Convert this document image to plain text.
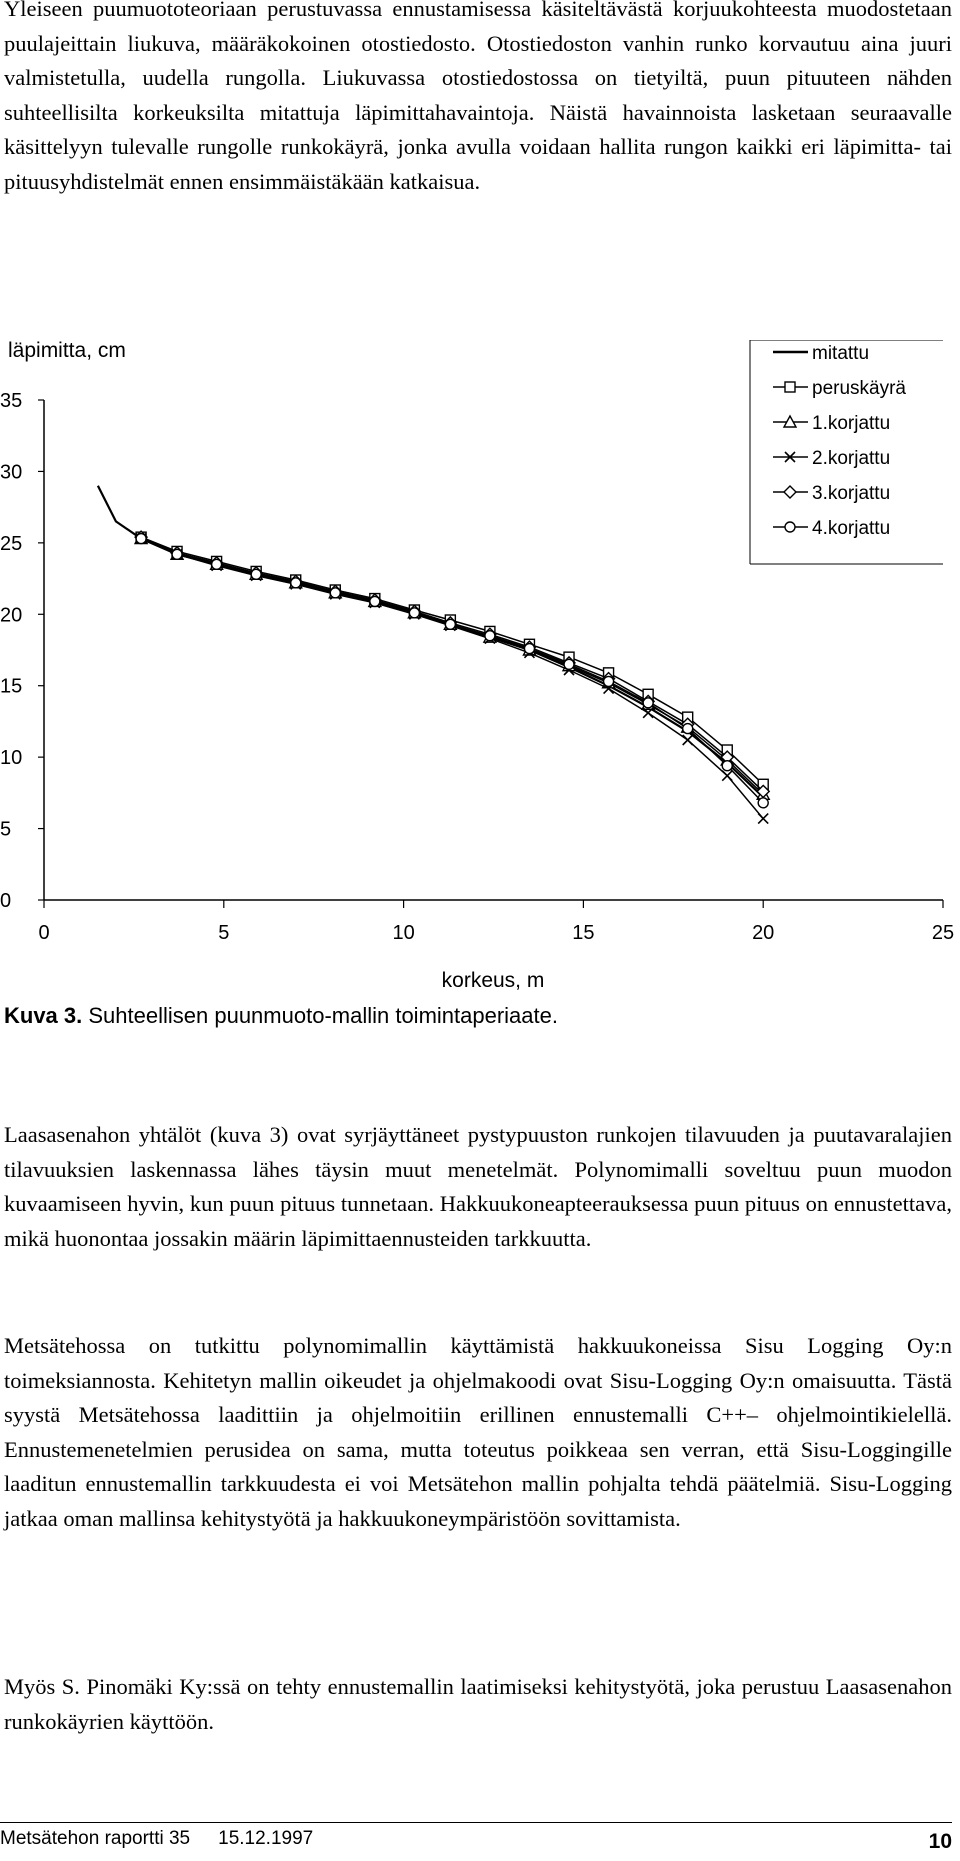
Yleiseen puumuototeoriaan perustuvassa ennustamisessa käsiteltävästä korjuukohteesta muodostetaan puulajeittain liukuva, määräkokoinen otostiedosto. Otostiedoston vanhin runko korvautuu aina juuri valmistetulla, uudella rungolla. Liukuvassa otostiedostossa on tietyiltä, puun pituuteen nähden suhteellisilta korkeuksilta mitattuja läpimittahavaintoja. Näistä havainnoista lasketaan seuraavalle käsittelyyn tulevalle rungolle runkokäyrä, jonka avulla voidaan hallita rungon kaikki eri läpimitta- tai pituusyhdistelmät ennen ensimmäistäkään katkaisua.

0
5
10
15
20
25
30
35
0	5	10	15	20	25
läpimitta, cm
korkeus, m
mitattu
peruskäyrä
1.korjattu
2.korjattu
3.korjattu
4.korjattu
Kuva 3. Suhteellisen puunmuoto-mallin toimintaperiaate.

Laasasenahon yhtälöt (kuva 3) ovat syrjäyttäneet pystypuuston runkojen tilavuuden ja puutavaralajien tilavuuksien laskennassa lähes täysin muut menetelmät. Polynomimalli soveltuu puun muodon kuvaamiseen hyvin, kun puun pituus tunnetaan. Hakkuukoneapteerauksessa puun pituus on ennustettava, mikä huonontaa jossakin määrin läpimittaennusteiden tarkkuutta.

Metsätehossa on tutkittu polynomimallin käyttämistä hakkuukoneissa Sisu Logging Oy:n toimeksiannosta. Kehitetyn mallin oikeudet ja ohjelmakoodi ovat Sisu-Logging Oy:n omaisuutta. Tästä syystä Metsätehossa laadittiin ja ohjelmoitiin erillinen ennustemalli C++– ohjelmointikielellä. Ennustemenetelmien perusidea on sama, mutta toteutus poikkeaa sen verran, että Sisu-Loggingille laaditun ennustemallin tarkkuudesta ei voi Metsätehon mallin pohjalta tehdä päätelmiä. Sisu-Logging jatkaa oman mallinsa kehitystyötä ja hakkuukoneympäristöön sovittamista.

Myös S. Pinomäki Ky:ssä on tehty ennustemallin laatimiseksi kehitystyötä, joka perustuu Laasasenahon runkokäyrien käyttöön.

Metsätehon raportti 35 15.12.1997	10
